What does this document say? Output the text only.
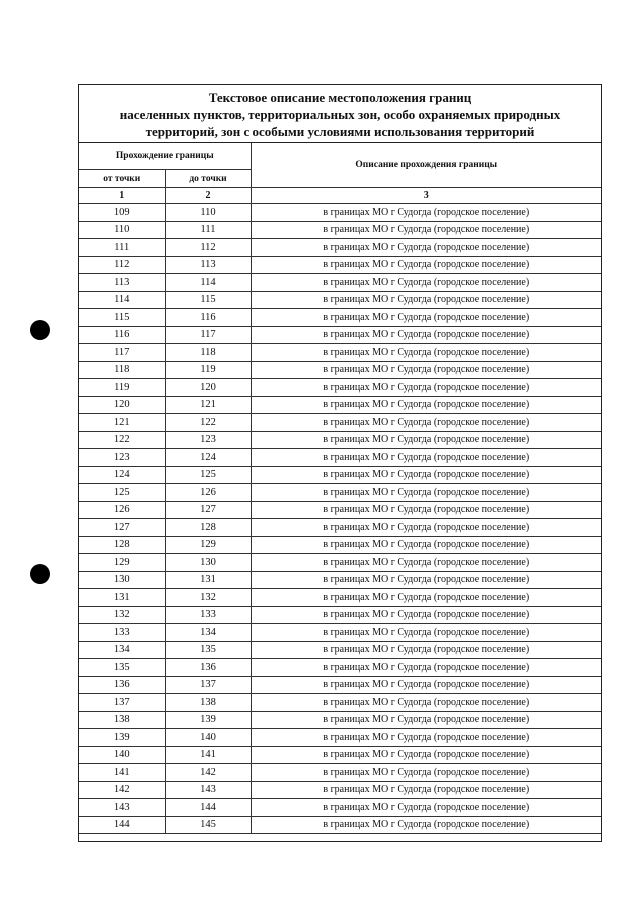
Текстовое описание местоположения границ
населенных пунктов, территориальных зон, особо охраняемых природных
территорий, зон с особыми условиями использования территорий
Прохождение границы		Описание прохождения границы
от точки	до точки	
1	2	3
109	110	в границах МО г Судогда (городское поселение)
110	111	в границах МО г Судогда (городское поселение)
111	112	в границах МО г Судогда (городское поселение)
112	113	в границах МО г Судогда (городское поселение)
113	114	в границах МО г Судогда (городское поселение)
114	115	в границах МО г Судогда (городское поселение)
115	116	в границах МО г Судогда (городское поселение)
116	117	в границах МО г Судогда (городское поселение)
117	118	в границах МО г Судогда (городское поселение)
118	119	в границах МО г Судогда (городское поселение)
119	120	в границах МО г Судогда (городское поселение)
120	121	в границах МО г Судогда (городское поселение)
121	122	в границах МО г Судогда (городское поселение)
122	123	в границах МО г Судогда (городское поселение)
123	124	в границах МО г Судогда (городское поселение)
124	125	в границах МО г Судогда (городское поселение)
125	126	в границах МО г Судогда (городское поселение)
126	127	в границах МО г Судогда (городское поселение)
127	128	в границах МО г Судогда (городское поселение)
128	129	в границах МО г Судогда (городское поселение)
129	130	в границах МО г Судогда (городское поселение)
130	131	в границах МО г Судогда (городское поселение)
131	132	в границах МО г Судогда (городское поселение)
132	133	в границах МО г Судогда (городское поселение)
133	134	в границах МО г Судогда (городское поселение)
134	135	в границах МО г Судогда (городское поселение)
135	136	в границах МО г Судогда (городское поселение)
136	137	в границах МО г Судогда (городское поселение)
137	138	в границах МО г Судогда (городское поселение)
138	139	в границах МО г Судогда (городское поселение)
139	140	в границах МО г Судогда (городское поселение)
140	141	в границах МО г Судогда (городское поселение)
141	142	в границах МО г Судогда (городское поселение)
142	143	в границах МО г Судогда (городское поселение)
143	144	в границах МО г Судогда (городское поселение)
144	145	в границах МО г Судогда (городское поселение)
